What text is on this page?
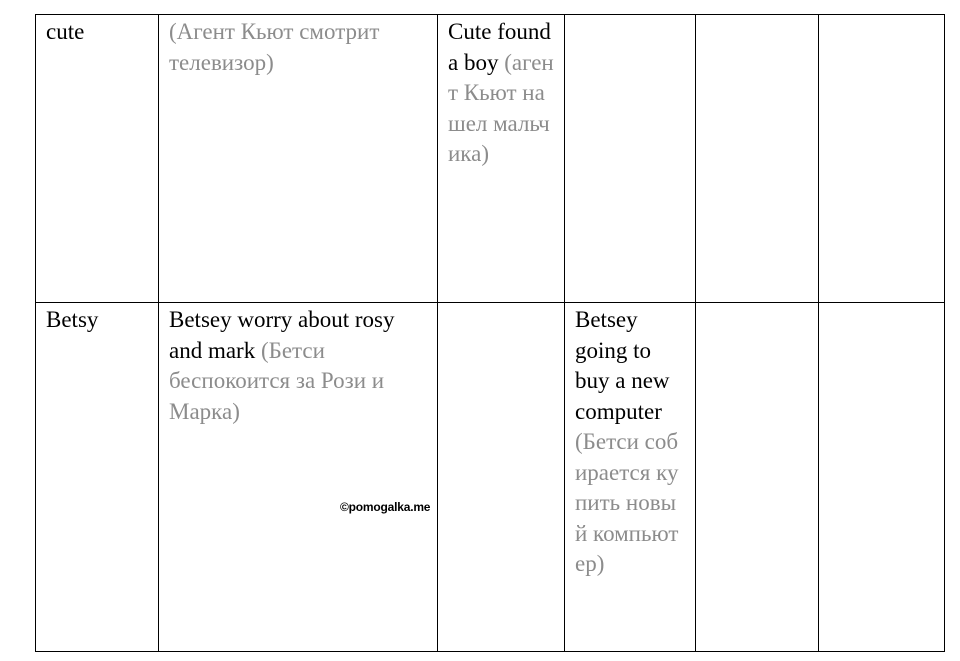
cute	(Агент Кьют смотрит телевизор)	Cute found a boy (агент Кьют нашел мальчика)			
Betsy	Betsey worry about rosy and mark (Бетси беспокоится за Рози и Марка)		Betsey going to buy a new computer (Бетси собирается купить новый компьютер)		
©pomogalka.me
